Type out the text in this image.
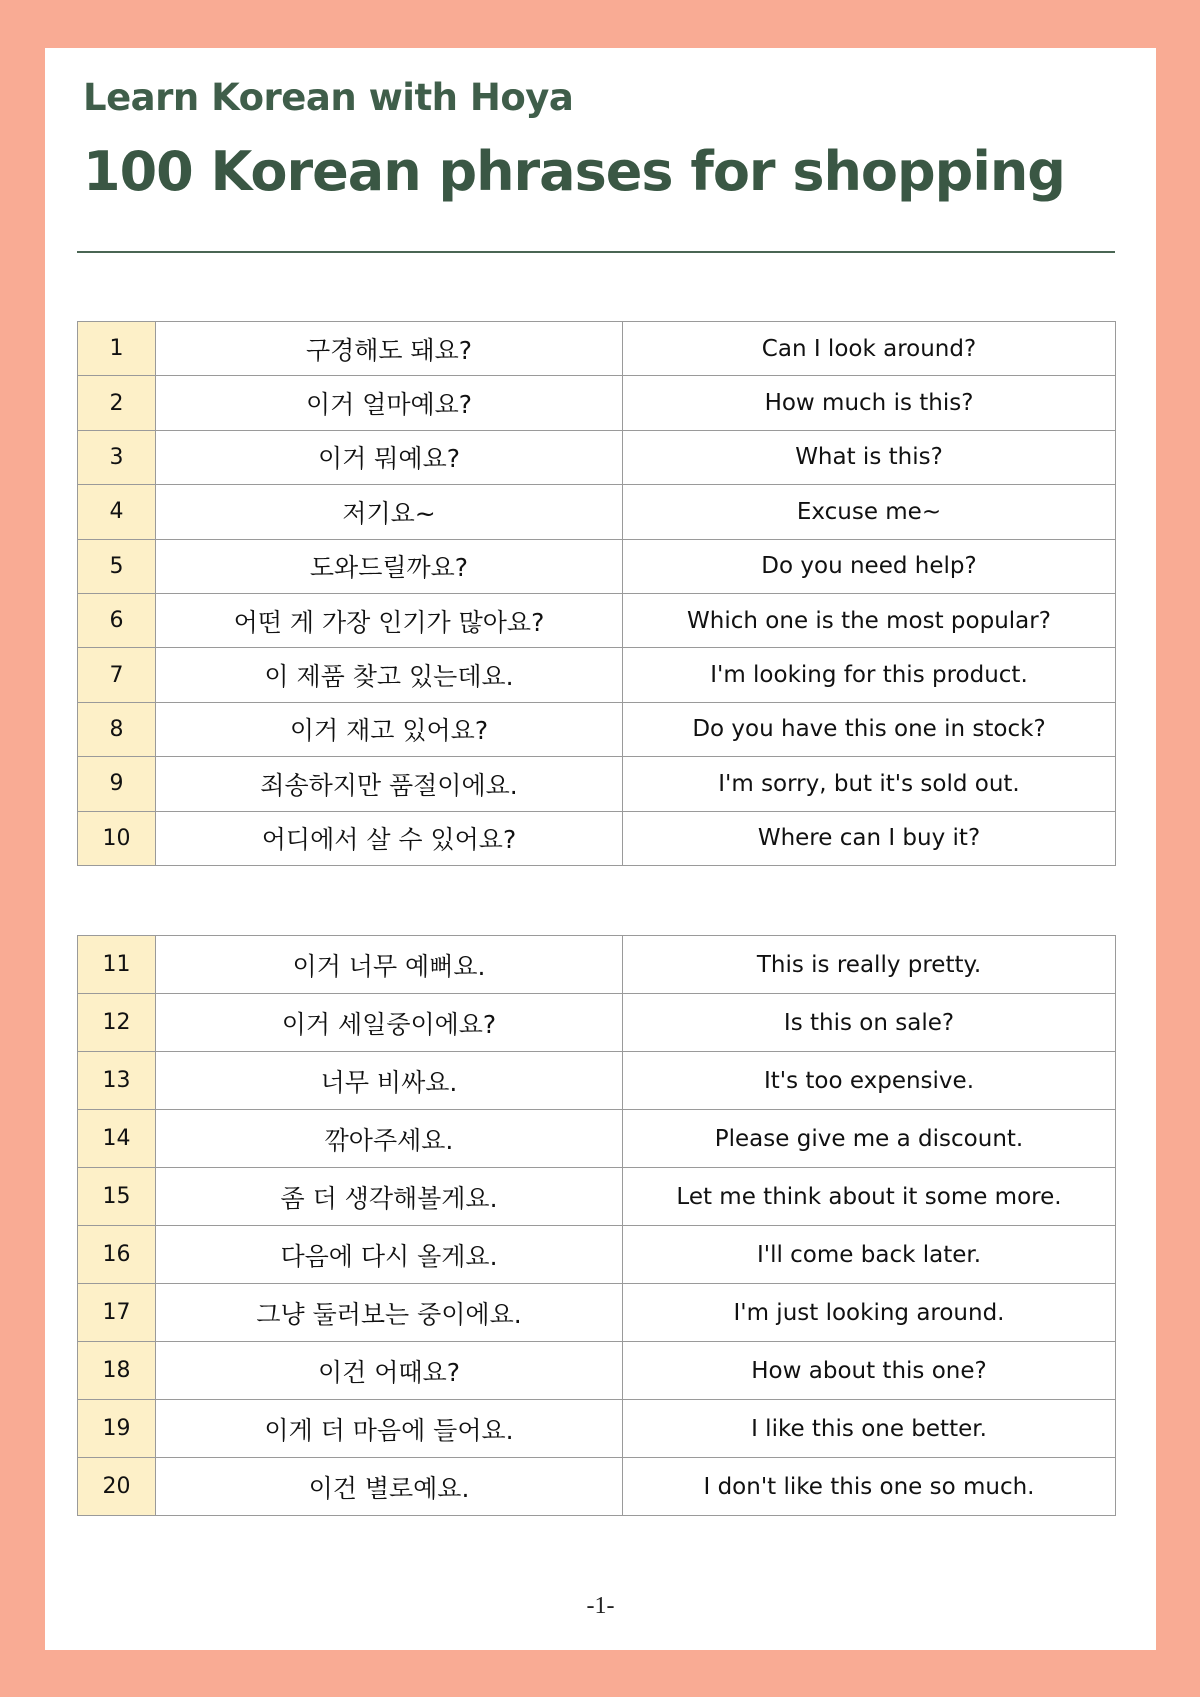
Learn Korean with Hoya
100 Korean phrases for shopping
1	구경해도 돼요?	Can I look around?
2	이거 얼마예요?	How much is this?
3	이거 뭐예요?	What is this?
4	저기요~	Excuse me~
5	도와드릴까요?	Do you need help?
6	어떤 게 가장 인기가 많아요?	Which one is the most popular?
7	이 제품 찾고 있는데요.	I'm looking for this product.
8	이거 재고 있어요?	Do you have this one in stock?
9	죄송하지만 품절이에요.	I'm sorry, but it's sold out.
10	어디에서 살 수 있어요?	Where can I buy it?
11	이거 너무 예뻐요.	This is really pretty.
12	이거 세일중이에요?	Is this on sale?
13	너무 비싸요.	It's too expensive.
14	깎아주세요.	Please give me a discount.
15	좀 더 생각해볼게요.	Let me think about it some more.
16	다음에 다시 올게요.	I'll come back later.
17	그냥 둘러보는 중이에요.	I'm just looking around.
18	이건 어때요?	How about this one?
19	이게 더 마음에 들어요.	I like this one better.
20	이건 별로예요.	I don't like this one so much.
-1-
